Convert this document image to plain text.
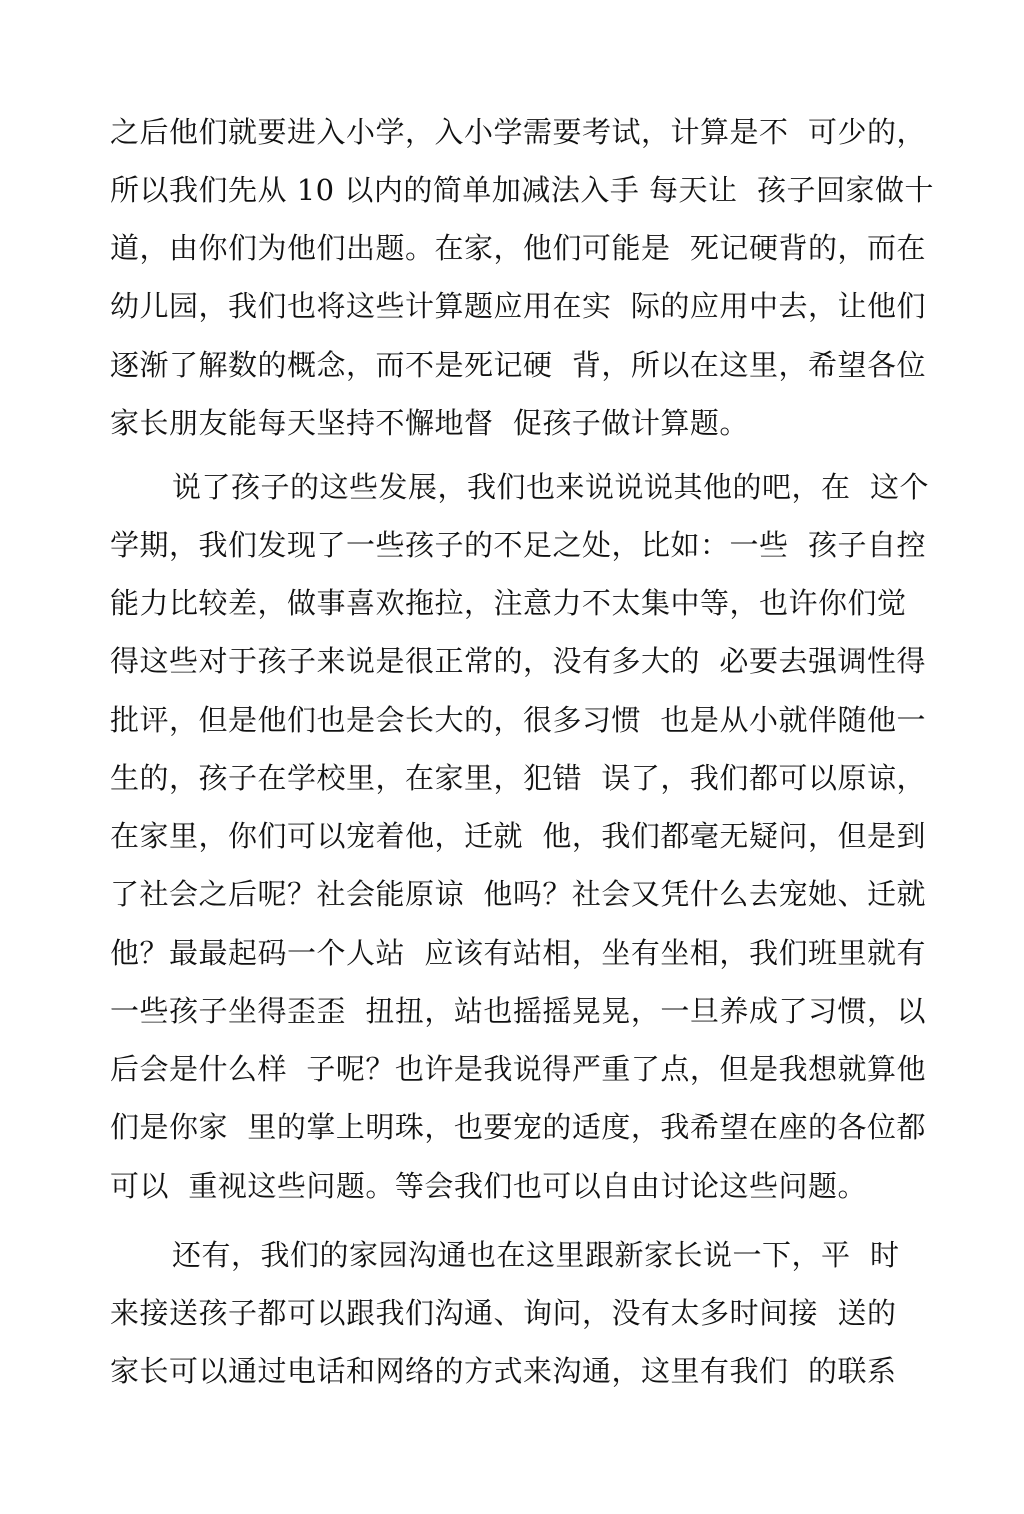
之后他们就要进入小学，入小学需要考试，计算是不  可少的，
所以我们先从 10 以内的简单加减法入手 每天让  孩子回家做十
道，由你们为他们出题。在家，他们可能是  死记硬背的，而在
幼儿园，我们也将这些计算题应用在实  际的应用中去，让他们
逐渐了解数的概念，而不是死记硬  背，所以在这里，希望各位
家长朋友能每天坚持不懈地督  促孩子做计算题。
说了孩子的这些发展，我们也来说说说其他的吧，在  这个
学期，我们发现了一些孩子的不足之处，比如：一些  孩子自控
能力比较差，做事喜欢拖拉，注意力不太集中等，也许你们觉
得这些对于孩子来说是很正常的，没有多大的  必要去强调性得
批评，但是他们也是会长大的，很多习惯  也是从小就伴随他一
生的，孩子在学校里，在家里，犯错  误了，我们都可以原谅，
在家里，你们可以宠着他，迁就  他，我们都毫无疑问，但是到
了社会之后呢？社会能原谅  他吗？社会又凭什么去宠她、迁就
他？最最起码一个人站  应该有站相，坐有坐相，我们班里就有
一些孩子坐得歪歪  扭扭，站也摇摇晃晃，一旦养成了习惯，以
后会是什么样  子呢？也许是我说得严重了点，但是我想就算他
们是你家  里的掌上明珠，也要宠的适度，我希望在座的各位都
可以  重视这些问题。等会我们也可以自由讨论这些问题。
还有，我们的家园沟通也在这里跟新家长说一下，平  时
来接送孩子都可以跟我们沟通、询问，没有太多时间接  送的
家长可以通过电话和网络的方式来沟通，这里有我们  的联系
